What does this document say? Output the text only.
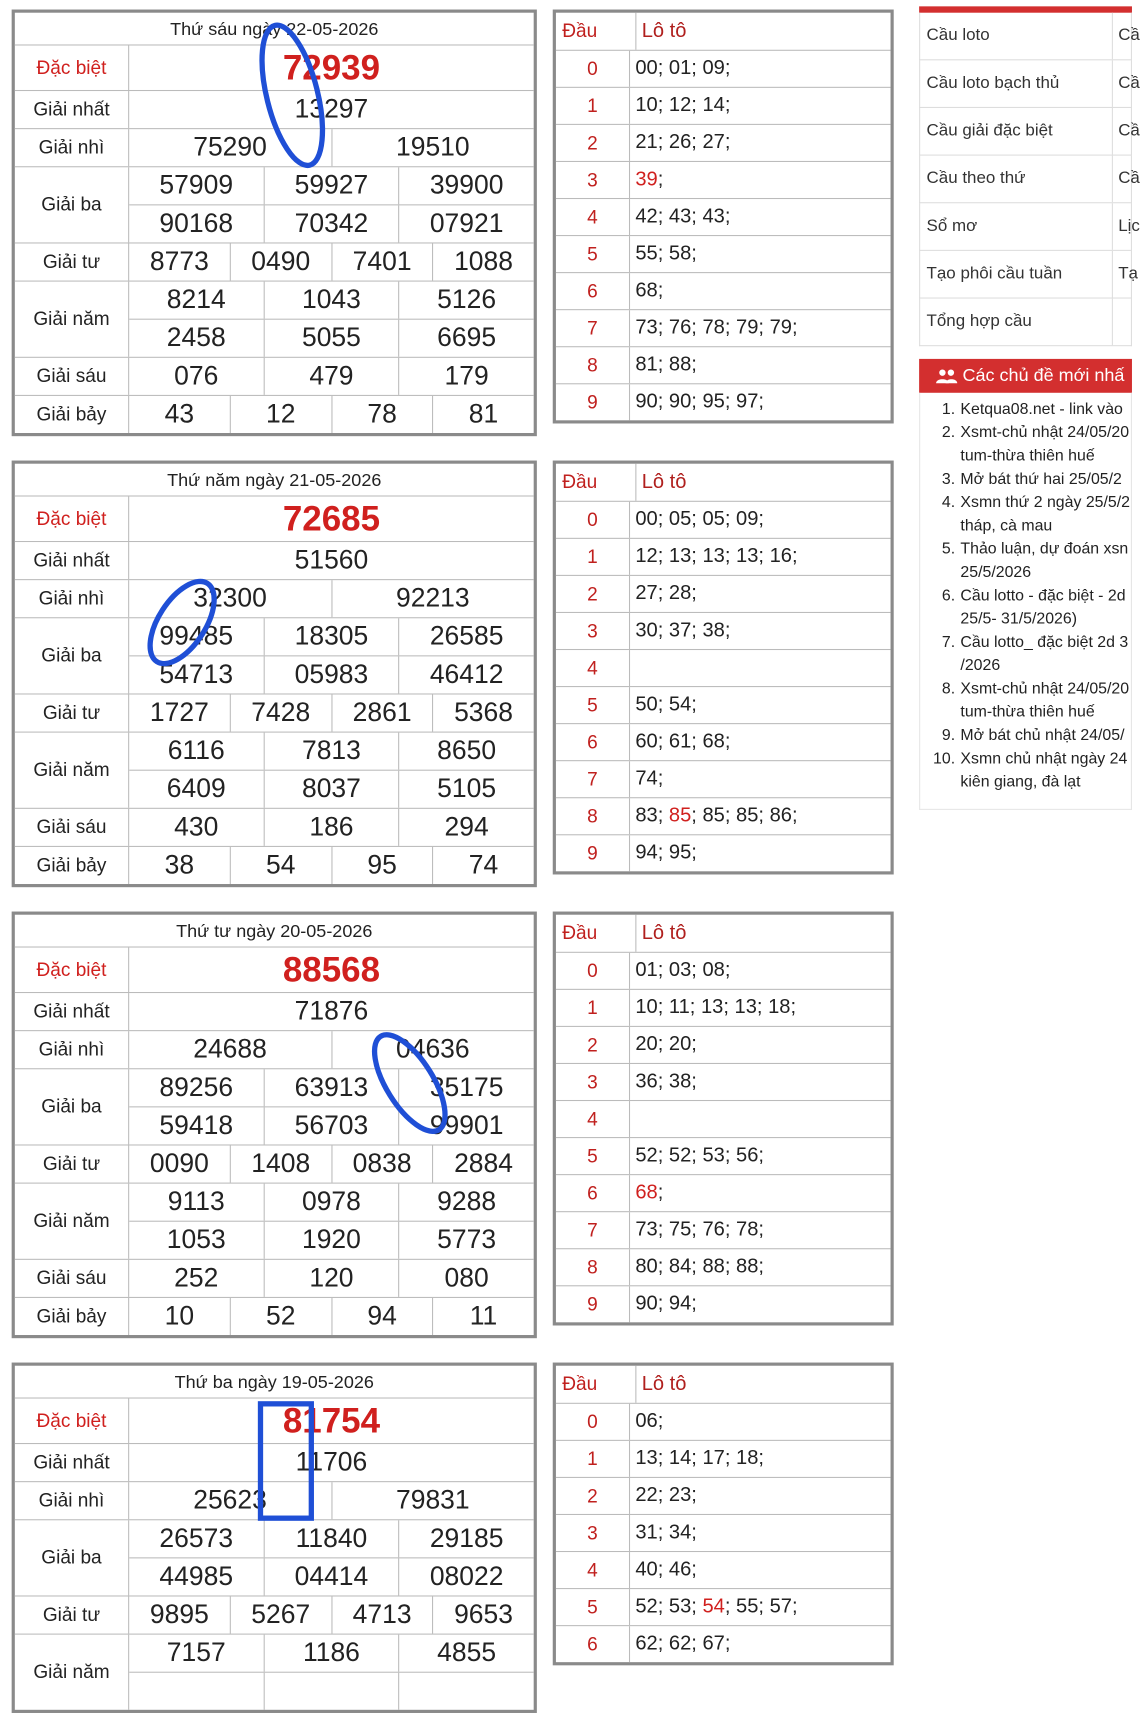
Thứ sáu ngày 22-05-2026
Đặc biệt	72939
Giải nhất	13297
Giải nhì	75290	19510
Giải ba
57909	59927	39900
90168	70342	07921
Giải tư	8773	0490	7401	1088
Giải năm
8214	1043	5126
2458	5055	6695
Giải sáu	076	479	179
Giải bảy	43	12	78	81
Đầu	Lô tô
0	00; 01; 09;
1	10; 12; 14;
2	21; 26; 27;
3	39 ;
4	42; 43; 43;
5	55; 58;
6	68;
7	73; 76; 78; 79; 79;
8	81; 88;
9	90; 90; 95; 97;
Thứ năm ngày 21-05-2026
Đặc biệt	72685
Giải nhất	51560
Giải nhì	32300	92213
Giải ba
99485	18305	26585
54713	05983	46412
Giải tư	1727	7428	2861	5368
Giải năm
6116	7813	8650
6409	8037	5105
Giải sáu	430	186	294
Giải bảy	38	54	95	74
Đầu	Lô tô
0	00; 05; 05; 09;
1	12; 13; 13; 13; 16;
2	27; 28;
3	30; 37; 38;
4
5	50; 54;
6	60; 61; 68;
7	74;
8	83; 85 ; 85; 85; 86;
9	94; 95;
Thứ tư ngày 20-05-2026
Đặc biệt	88568
Giải nhất	71876
Giải nhì	24688	04636
Giải ba
89256	63913	35175
59418	56703	99901
Giải tư	0090	1408	0838	2884
Giải năm
9113	0978	9288
1053	1920	5773
Giải sáu	252	120	080
Giải bảy	10	52	94	11
Đầu	Lô tô
0	01; 03; 08;
1	10; 11; 13; 13; 18;
2	20; 20;
3	36; 38;
4
5	52; 52; 53; 56;
6	68 ;
7	73; 75; 76; 78;
8	80; 84; 88; 88;
9	90; 94;
Thứ ba ngày 19-05-2026
Đặc biệt	81754
Giải nhất	11706
Giải nhì	25623	79831
Giải ba
26573	11840	29185
44985	04414	08022
Giải tư	9895	5267	4713	9653
Giải năm
7157	1186	4855
Đầu	Lô tô
0	06;
1	13; 14; 17; 18;
2	22; 23;
3	31; 34;
4	40; 46;
5	52; 53; 54 ; 55; 57;
6	62; 62; 67;
Cầu loto	Cầ
Cầu loto bạch thủ	Cầ
Cầu giải đặc biệt	Cầ
Cầu theo thứ	Cầ
Sổ mơ	Lịc
Tạo phôi cầu tuần	Tạ
Tổng hợp cầu
Các chủ đề mới nhấ
1. Ketqua08.net - link vào
2. Xsmt-chủ nhật 24/05/20
tum-thừa thiên huế
3. Mở bát thứ hai 25/05/2
4. Xsmn thứ 2 ngày 25/5/2
tháp, cà mau
5. Thảo luận, dự đoán xsn
25/5/2026
6. Cầu lotto - đặc biệt - 2d
25/5- 31/5/2026)
7. Cầu lotto_ đặc biệt 2d 3
/2026
8. Xsmt-chủ nhật 24/05/20
tum-thừa thiên huế
9. Mở bát chủ nhật 24/05/
10. Xsmn chủ nhật ngày 24
kiên giang, đà lạt
